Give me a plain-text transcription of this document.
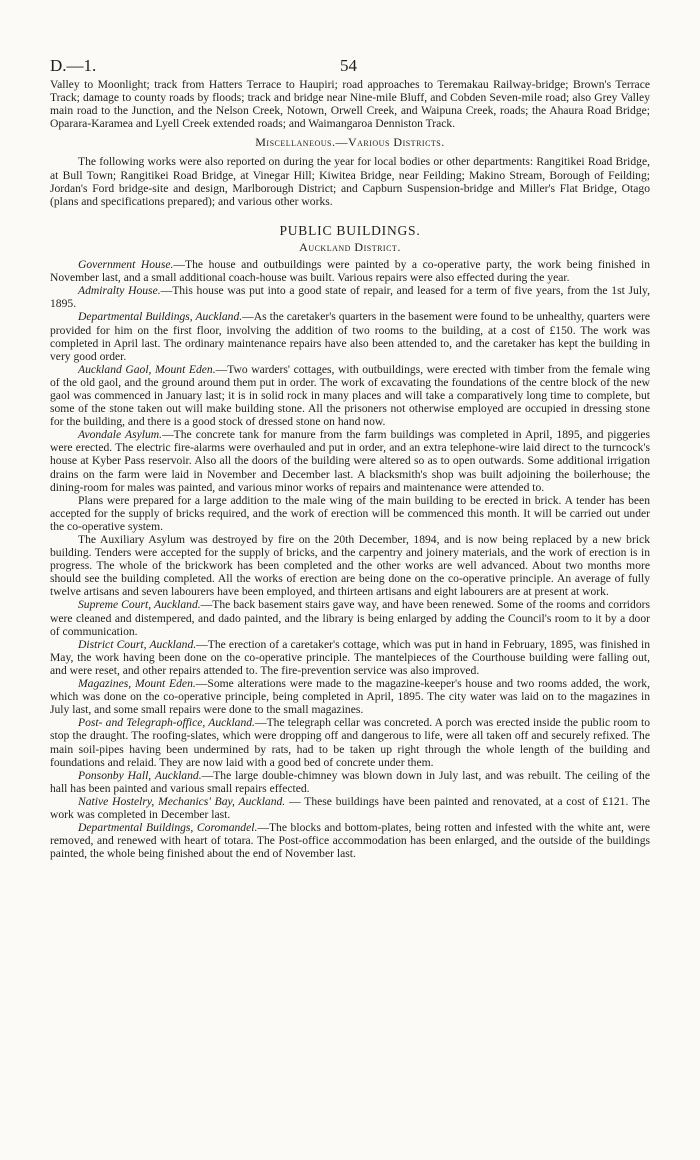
D.—1.	54

Valley to Moonlight; track from Hatters Terrace to Haupiri; road approaches to Teremakau Railway-bridge; Brown's Terrace Track; damage to county roads by floods; track and bridge near Nine-mile Bluff, and Cobden Seven-mile road; also Grey Valley main road to the Junction, and the Nelson Creek, Notown, Orwell Creek, and Waipuna Creek, roads; the Ahaura Road Bridge; Oparara-Karamea and Lyell Creek extended roads; and Waimangaroa Denniston Track.

Miscellaneous.—Various Districts.

The following works were also reported on during the year for local bodies or other departments: Rangitikei Road Bridge, at Bull Town; Rangitikei Road Bridge, at Vinegar Hill; Kiwitea Bridge, near Feilding; Makino Stream, Borough of Feilding; Jordan's Ford bridge-site and design, Marlborough District; and Capburn Suspension-bridge and Miller's Flat Bridge, Otago (plans and specifications prepared); and various other works.

PUBLIC BUILDINGS.
Auckland District.

Government House.—The house and outbuildings were painted by a co-operative party, the work being finished in November last, and a small additional coach-house was built. Various repairs were also effected during the year.

Admiralty House.—This house was put into a good state of repair, and leased for a term of five years, from the 1st July, 1895.

Departmental Buildings, Auckland.—As the caretaker's quarters in the basement were found to be unhealthy, quarters were provided for him on the first floor, involving the addition of two rooms to the building, at a cost of £150. The work was completed in April last. The ordinary maintenance repairs have also been attended to, and the caretaker has kept the building in very good order.

Auckland Gaol, Mount Eden.—Two warders' cottages, with outbuildings, were erected with timber from the female wing of the old gaol, and the ground around them put in order. The work of excavating the foundations of the centre block of the new gaol was commenced in January last; it is in solid rock in many places and will take a comparatively long time to complete, but some of the stone taken out will make building stone. All the prisoners not otherwise employed are occupied in dressing stone for the building, and there is a good stock of dressed stone on hand now.

Avondale Asylum.—The concrete tank for manure from the farm buildings was completed in April, 1895, and piggeries were erected. The electric fire-alarms were overhauled and put in order, and an extra telephone-wire laid direct to the turncock's house at Kyber Pass reservoir. Also all the doors of the building were altered so as to open outwards. Some additional irrigation drains on the farm were laid in November and December last. A blacksmith's shop was built adjoining the boilerhouse; the dining-room for males was painted, and various minor works of repairs and maintenance were attended to.

Plans were prepared for a large addition to the male wing of the main building to be erected in brick. A tender has been accepted for the supply of bricks required, and the work of erection will be commenced this month. It will be carried out under the co-operative system.

The Auxiliary Asylum was destroyed by fire on the 20th December, 1894, and is now being replaced by a new brick building. Tenders were accepted for the supply of bricks, and the carpentry and joinery materials, and the work of erection is in progress. The whole of the brickwork has been completed and the other works are well advanced. About two months more should see the building completed. All the works of erection are being done on the co-operative principle. An average of fully twelve artisans and seven labourers have been employed, and thirteen artisans and eight labourers are at present at work.

Supreme Court, Auckland.—The back basement stairs gave way, and have been renewed. Some of the rooms and corridors were cleaned and distempered, and dado painted, and the library is being enlarged by adding the Council's room to it by a door of communication.

District Court, Auckland.—The erection of a caretaker's cottage, which was put in hand in February, 1895, was finished in May, the work having been done on the co-operative principle. The mantelpieces of the Courthouse building were falling out, and were reset, and other repairs attended to. The fire-prevention service was also improved.

Magazines, Mount Eden.—Some alterations were made to the magazine-keeper's house and two rooms added, the work, which was done on the co-operative principle, being completed in April, 1895. The city water was laid on to the magazines in July last, and some small repairs were done to the small magazines.

Post- and Telegraph-office, Auckland.—The telegraph cellar was concreted. A porch was erected inside the public room to stop the draught. The roofing-slates, which were dropping off and dangerous to life, were all taken off and securely refixed. The main soil-pipes having been undermined by rats, had to be taken up right through the whole length of the building and foundations and relaid. They are now laid with a good bed of concrete under them.

Ponsonby Hall, Auckland.—The large double-chimney was blown down in July last, and was rebuilt. The ceiling of the hall has been painted and various small repairs effected.

Native Hostelry, Mechanics' Bay, Auckland. — These buildings have been painted and renovated, at a cost of £121. The work was completed in December last.

Departmental Buildings, Coromandel.—The blocks and bottom-plates, being rotten and infested with the white ant, were removed, and renewed with heart of totara. The Post-office accommodation has been enlarged, and the outside of the buildings painted, the whole being finished about the end of November last.
